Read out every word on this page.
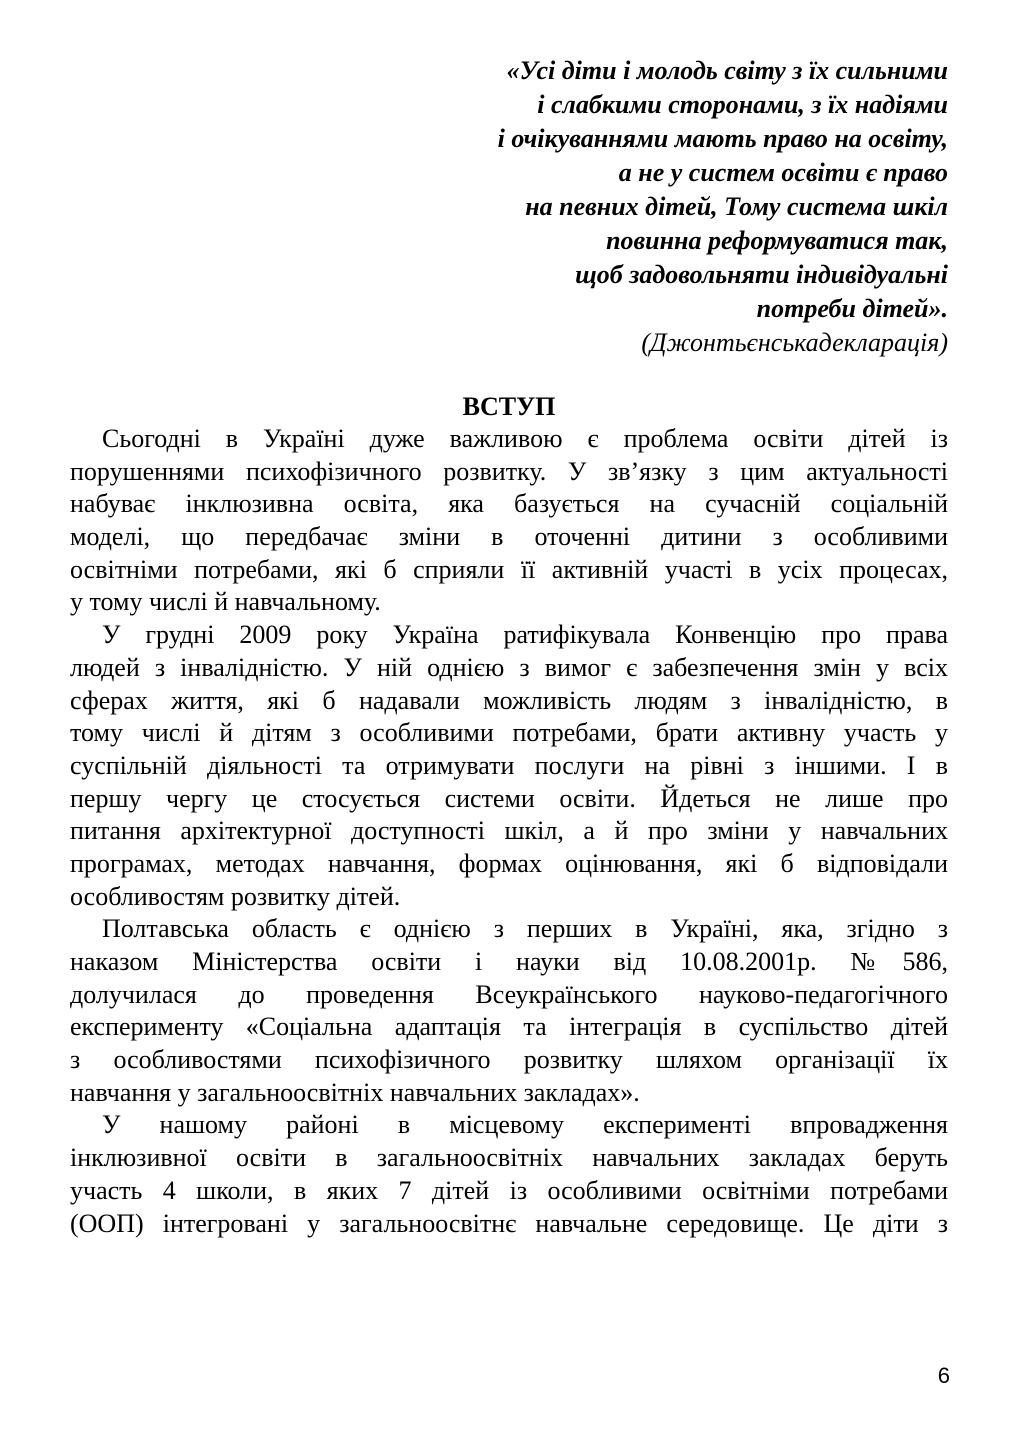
«Усі діти і молодь світу з їх сильними
і слабкими сторонами, з їх надіями
і очікуваннями мають право на освіту,
а не у систем освіти є право
на певних дітей, Тому система шкіл
повинна реформуватися так,
щоб задовольняти індивідуальні
потреби дітей».
(Джонтьєнськадекларація)
ВСТУП
Сьогодні в Україні дуже важливою є проблема освіти дітей із
порушеннями психофізичного розвитку. У зв’язку з цим актуальності
набуває інклюзивна освіта, яка базується на сучасній соціальній
моделі, що передбачає зміни в оточенні дитини з особливими
освітніми потребами, які б сприяли її активній участі в усіх процесах,
у тому числі й навчальному.
У грудні 2009 року Україна ратифікувала Конвенцію про права
людей з інвалідністю. У ній однією з вимог є забезпечення змін у всіх
сферах життя, які б надавали можливість людям з інвалідністю, в
тому числі й дітям з особливими потребами, брати активну участь у
суспільній діяльності та отримувати послуги на рівні з іншими. І в
першу чергу це стосується системи освіти. Йдеться не лише про
питання архітектурної доступності шкіл, а й про зміни у навчальних
програмах, методах навчання, формах оцінювання, які б відповідали
особливостям розвитку дітей.
Полтавська область є однією з перших в Україні, яка, згідно з
наказом Міністерства освіти і науки від 10.08.2001р. №586,
долучилася до проведення Всеукраїнського науково-педагогічного
експерименту «Соціальна адаптація та інтеграція в суспільство дітей
з особливостями психофізичного розвитку шляхом організації їх
навчання у загальноосвітніх навчальних закладах».
У нашому районі в місцевому експерименті впровадження
інклюзивної освіти в загальноосвітніх навчальних закладах беруть
участь 4 школи, в яких 7 дітей із особливими освітніми потребами
(ООП) інтегровані у загальноосвітнє навчальне середовище. Це діти з
6
